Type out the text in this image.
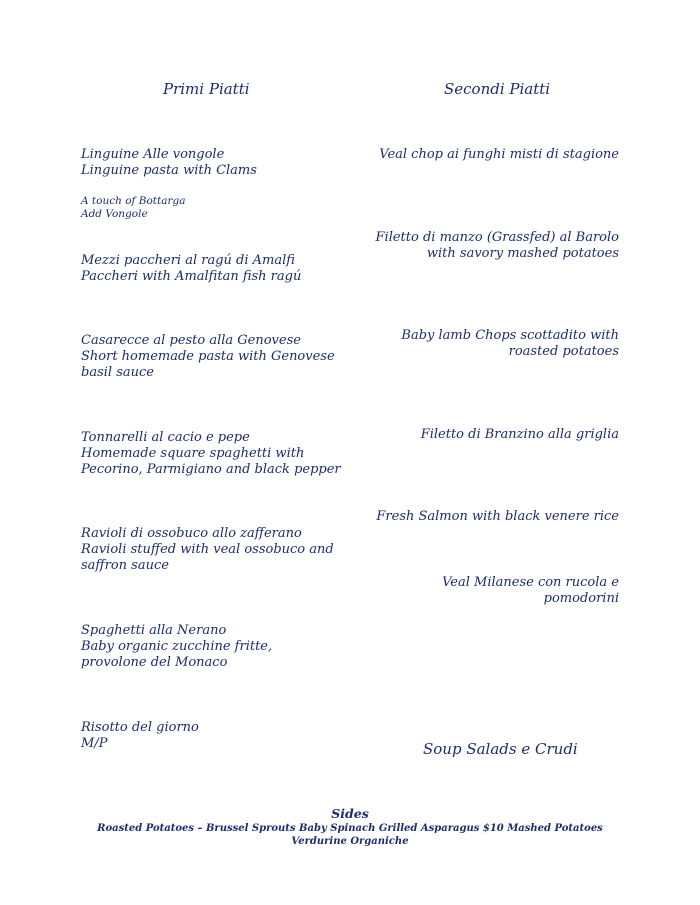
Primi Piatti	Secondi Piatti
Linguine Alle vongole
Linguine pasta with Clams
A touch of Bottarga
Add Vongole
Mezzi paccheri al ragú di Amalfi
Paccheri with Amalfitan fish ragú
Casarecce al pesto alla Genovese
Short homemade pasta with Genovese
basil sauce
Tonnarelli al cacio e pepe
Homemade square spaghetti with
Pecorino, Parmigiano and black pepper
Ravioli di ossobuco allo zafferano
Ravioli stuffed with veal ossobuco and
saffron sauce
Spaghetti alla Nerano
Baby organic zucchine fritte,
provolone del Monaco
Risotto del giorno
M/P
Veal chop ai funghi misti di stagione
Filetto di manzo (Grassfed) al Barolo
with savory mashed potatoes
Baby lamb Chops scottadito with
roasted potatoes
Filetto di Branzino alla griglia
Fresh Salmon with black venere rice
Veal Milanese con rucola e
pomodorini
Soup Salads e Crudi
Sides
Roasted Potatoes – Brussel Sprouts Baby Spinach Grilled Asparagus $10 Mashed Potatoes
Verdurine Organiche
